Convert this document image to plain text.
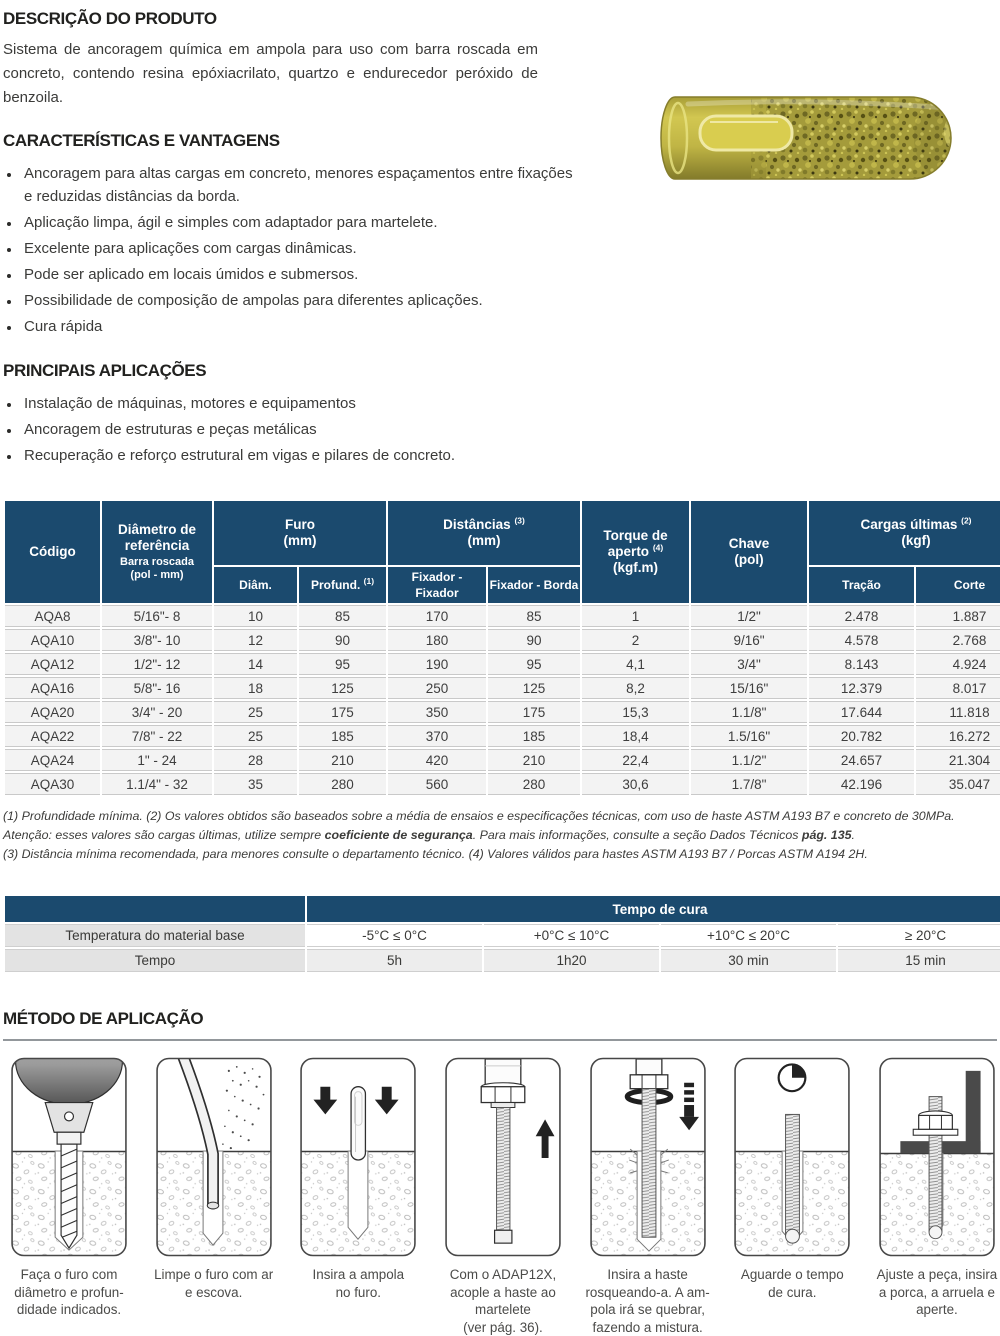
DESCRIÇÃO DO PRODUTO

Sistema de ancoragem química em ampola para uso com barra roscada em concreto, contendo resina epóxiacrilato, quartzo e endurecedor peróxido de benzoila.

CARACTERÍSTICAS E VANTAGENS
• Ancoragem para altas cargas em concreto, menores espaçamentos entre fixações e reduzidas distâncias da borda.
• Aplicação limpa, ágil e simples com adaptador para martelete.
• Excelente para aplicações com cargas dinâmicas.
• Pode ser aplicado em locais úmidos e submersos.
• Possibilidade de composição de ampolas para diferentes aplicações.
• Cura rápida
PRINCIPAIS APLICAÇÕES
• Instalação de máquinas, motores e equipamentos
• Ancoragem de estruturas e peças metálicas
• Recuperação e reforço estrutural em vigas e pilares de concreto.
Código	Diâmetro de
referência
Barra roscada
(pol - mm)	Furo
(mm)		Distâncias $^{(3)}$
(mm)		Torque de
aperto $^{(4)}$
(kgf.m)	Chave
(pol)	Cargas últimas $^{(2)}$
(kgf)	
		Diâm.	Profund. $^{(1)}$	Fixador - Fixador	Fixador - Borda			Tração	Corte
AQA8	5/16"- 8	10	85	170	85	1	1/2"	2.478	1.887
AQA10	3/8"- 10	12	90	180	90	2	9/16"	4.578	2.768
AQA12	1/2"- 12	14	95	190	95	4,1	3/4"	8.143	4.924
AQA16	5/8"- 16	18	125	250	125	8,2	15/16"	12.379	8.017
AQA20	3/4" - 20	25	175	350	175	15,3	1.1/8"	17.644	11.818
AQA22	7/8" - 22	25	185	370	185	18,4	1.5/16"	20.782	16.272
AQA24	1" - 24	28	210	420	210	22,4	1.1/2"	24.657	21.304
AQA30	1.1/4" - 32	35	280	560	280	30,6	1.7/8"	42.196	35.047
(1) Profundidade mínima. (2) Os valores obtidos são baseados sobre a média de ensaios e especificações técnicas, com uso de haste ASTM A193 B7 e concreto de 30MPa.
Atenção: esses valores são cargas últimas, utilize sempre coeficiente de segurança. Para mais informações, consulte a seção Dados Técnicos pág. 135.
(3) Distância mínima recomendada, para menores consulte o departamento técnico. (4) Valores válidos para hastes ASTM A193 B7 / Porcas ASTM A194 2H.
	Tempo de cura			
Temperatura do material base	-5°C ≤ 0°C	+0°C ≤ 10°C	+10°C ≤ 20°C	≥ 20°C
Tempo	5h	1h20	30 min	15 min
MÉTODO DE APLICAÇÃO
Faça o furo com
diâmetro e profun-
didade indicados.
Limpe o furo com ar
e escova.
Insira a ampola
no furo.
Com o ADAP12X,
acople a haste ao
martelete
(ver pág. 36).
Insira a haste
rosqueando-a. A am-
pola irá se quebrar,
fazendo a mistura.
Aguarde o tempo
de cura.
Ajuste a peça, insira
a porca, a arruela e
aperte.
